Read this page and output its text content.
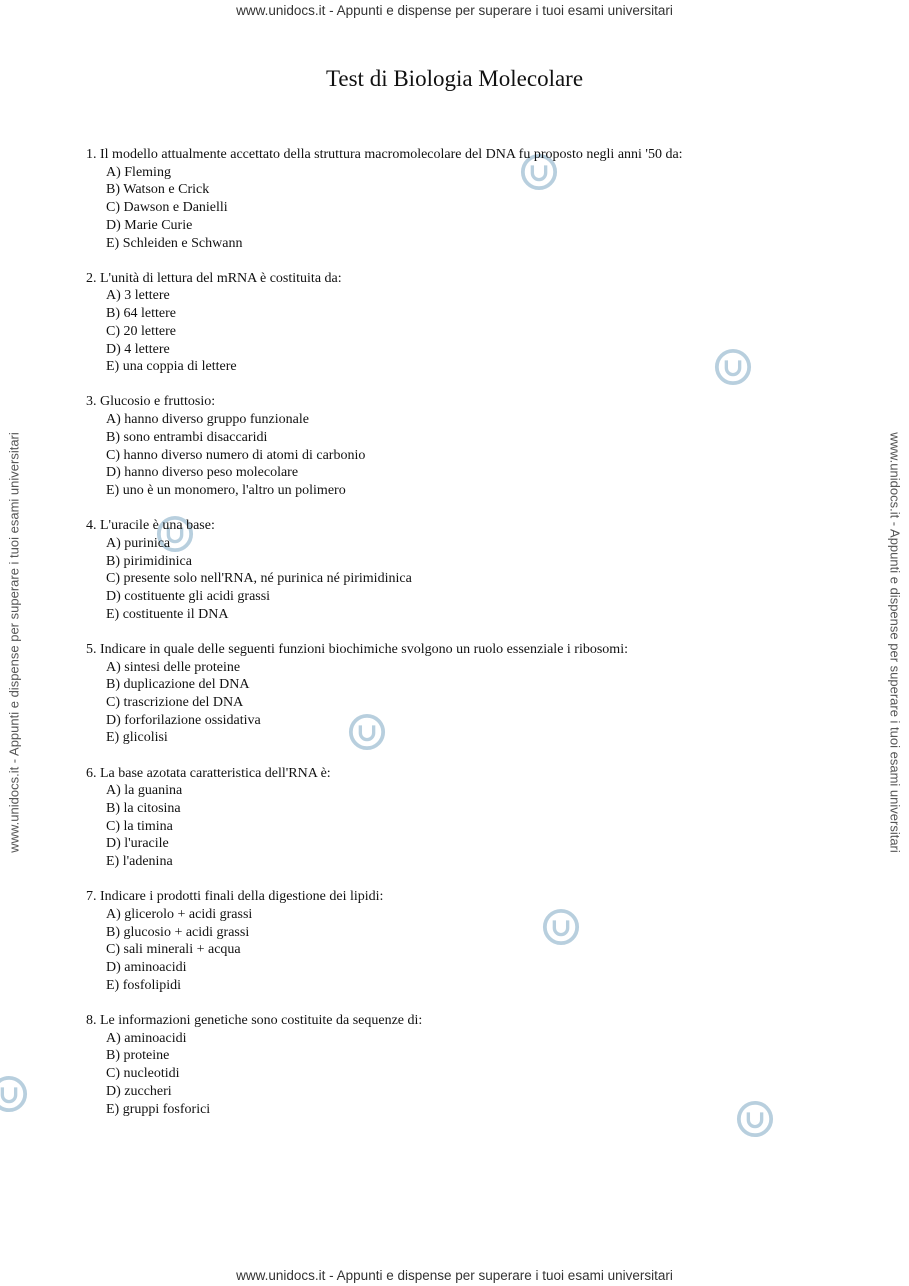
www.unidocs.it - Appunti e dispense per superare i tuoi esami universitari
www.unidocs.it - Appunti e dispense per superare i tuoi esami universitari
www.unidocs.it - Appunti e dispense per superare i tuoi esami universitari	www.unidocs.it - Appunti e dispense per superare i tuoi esami universitari
Test di Biologia Molecolare
1. Il modello attualmente accettato della struttura macromolecolare del DNA fu proposto negli anni '50 da:
A) Fleming
B) Watson e Crick
C) Dawson e Danielli
D) Marie Curie
E) Schleiden e Schwann
2. L'unità di lettura del mRNA è costituita da:
A) 3 lettere
B) 64 lettere
C) 20 lettere
D) 4 lettere
E) una coppia di lettere
3. Glucosio e fruttosio:
A) hanno diverso gruppo funzionale
B) sono entrambi disaccaridi
C) hanno diverso numero di atomi di carbonio
D) hanno diverso peso molecolare
E) uno è un monomero, l'altro un polimero
4. L'uracile è una base:
A) purinica
B) pirimidinica
C) presente solo nell'RNA, né purinica né pirimidinica
D) costituente gli acidi grassi
E) costituente il DNA
5. Indicare in quale delle seguenti funzioni biochimiche svolgono un ruolo essenziale i ribosomi:
A) sintesi delle proteine
B) duplicazione del DNA
C) trascrizione del DNA
D) forforilazione ossidativa
E) glicolisi
6. La base azotata caratteristica dell'RNA è:
A) la guanina
B) la citosina
C) la timina
D) l'uracile
E) l'adenina
7. Indicare i prodotti finali della digestione dei lipidi:
A) glicerolo + acidi grassi
B) glucosio + acidi grassi
C) sali minerali + acqua
D) aminoacidi
E) fosfolipidi
8. Le informazioni genetiche sono costituite da sequenze di:
A) aminoacidi
B) proteine
C) nucleotidi
D) zuccheri
E) gruppi fosforici
